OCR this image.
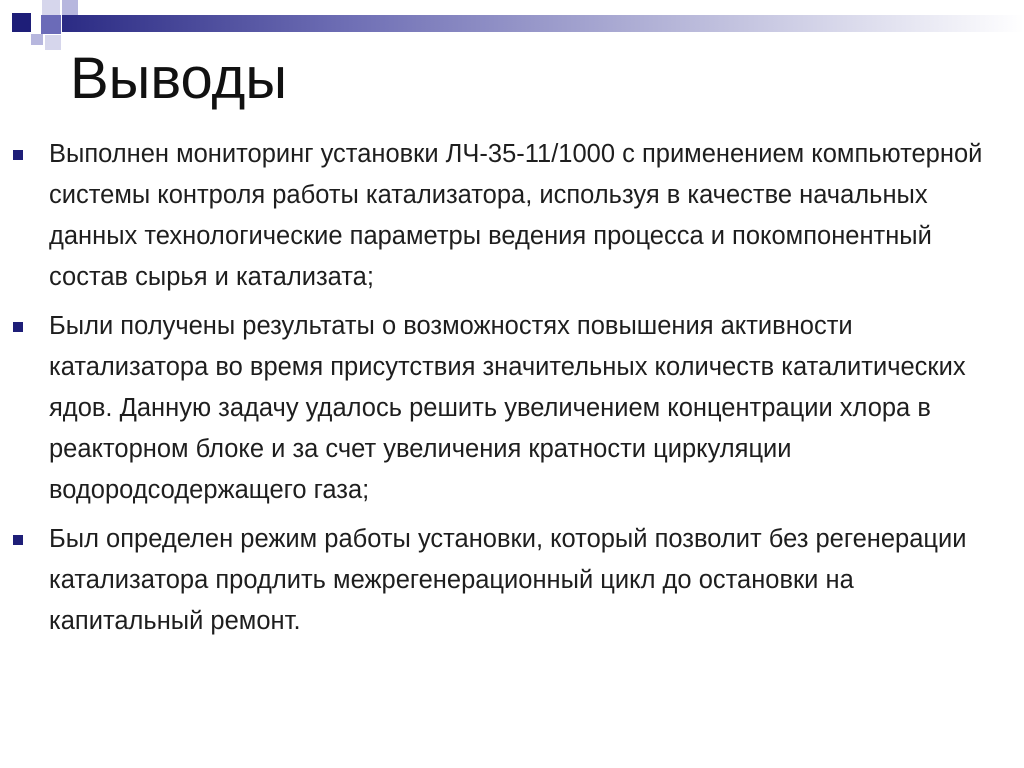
Выводы
Выполнен мониторинг установки ЛЧ-35-11/1000 с применением компьютерной системы контроля работы катализатора, используя в качестве начальных данных технологические параметры ведения процесса и покомпонентный состав сырья и катализата;
Были получены результаты о возможностях повышения активности катализатора во время присутствия значительных количеств каталитических ядов. Данную задачу удалось решить увеличением концентрации хлора в реакторном блоке и за счет увеличения кратности циркуляции водородсодержащего газа;
Был определен режим работы установки, который позволит без регенерации катализатора продлить межрегенерационный цикл до остановки на капитальный ремонт.
